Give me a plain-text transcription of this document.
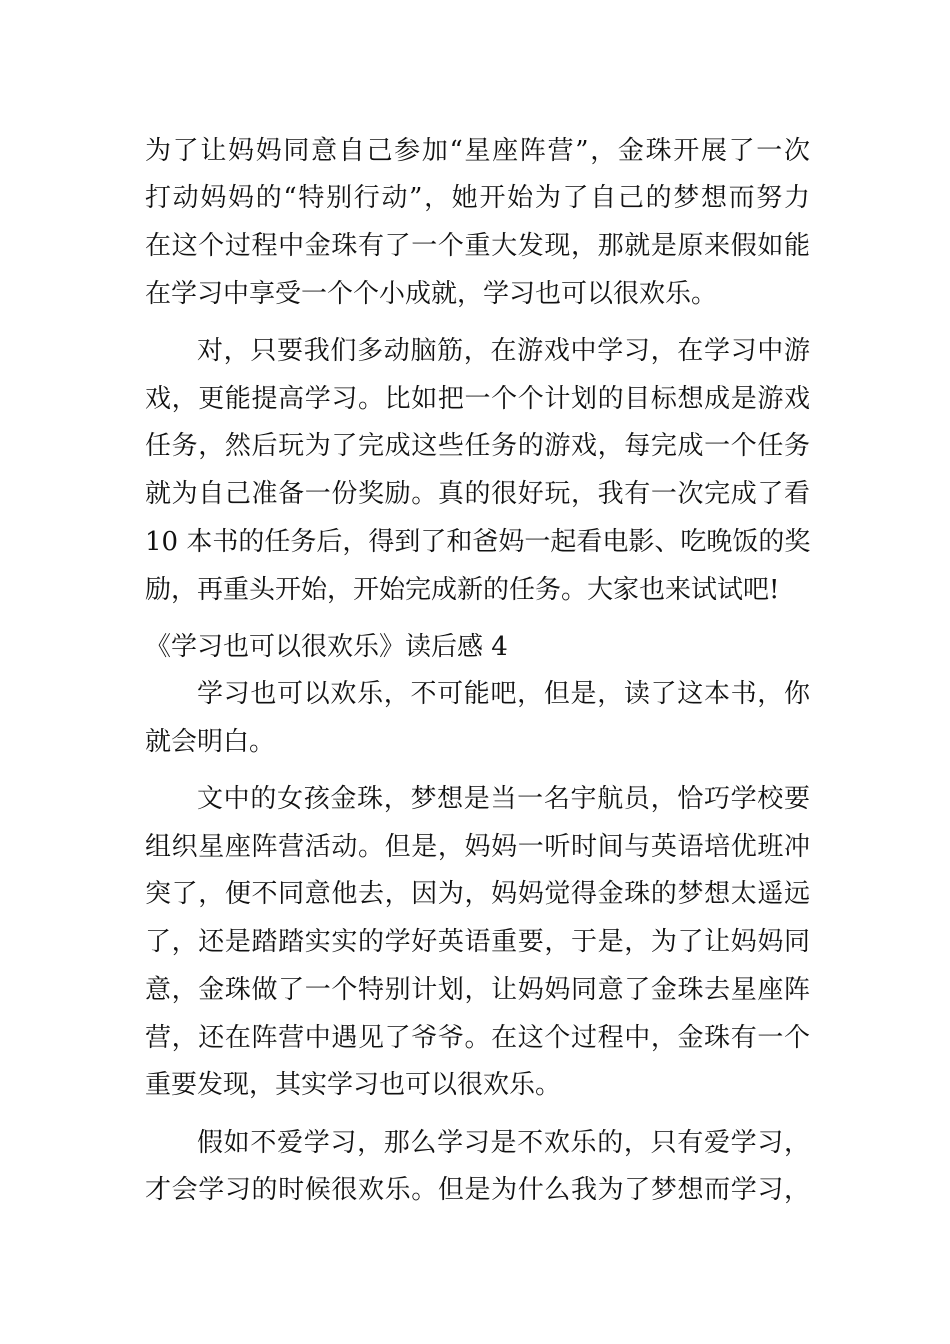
为了让妈妈同意自己参加“星座阵营”，金珠开展了一次
打动妈妈的“特别行动”，她开始为了自己的梦想而努力
在这个过程中金珠有了一个重大发现，那就是原来假如能
在学习中享受一个个小成就，学习也可以很欢乐。
对，只要我们多动脑筋，在游戏中学习，在学习中游
戏，更能提高学习。比如把一个个计划的目标想成是游戏
任务，然后玩为了完成这些任务的游戏，每完成一个任务
就为自己准备一份奖励。真的很好玩，我有一次完成了看
10 本书的任务后，得到了和爸妈一起看电影、吃晚饭的奖
励，再重头开始，开始完成新的任务。大家也来试试吧!
《学习也可以很欢乐》读后感 4
学习也可以欢乐，不可能吧，但是，读了这本书，你
就会明白。
文中的女孩金珠，梦想是当一名宇航员，恰巧学校要
组织星座阵营活动。但是，妈妈一听时间与英语培优班冲
突了，便不同意他去，因为，妈妈觉得金珠的梦想太遥远
了，还是踏踏实实的学好英语重要，于是，为了让妈妈同
意，金珠做了一个特别计划，让妈妈同意了金珠去星座阵
营，还在阵营中遇见了爷爷。在这个过程中，金珠有一个
重要发现，其实学习也可以很欢乐。
假如不爱学习，那么学习是不欢乐的，只有爱学习，
才会学习的时候很欢乐。但是为什么我为了梦想而学习，
